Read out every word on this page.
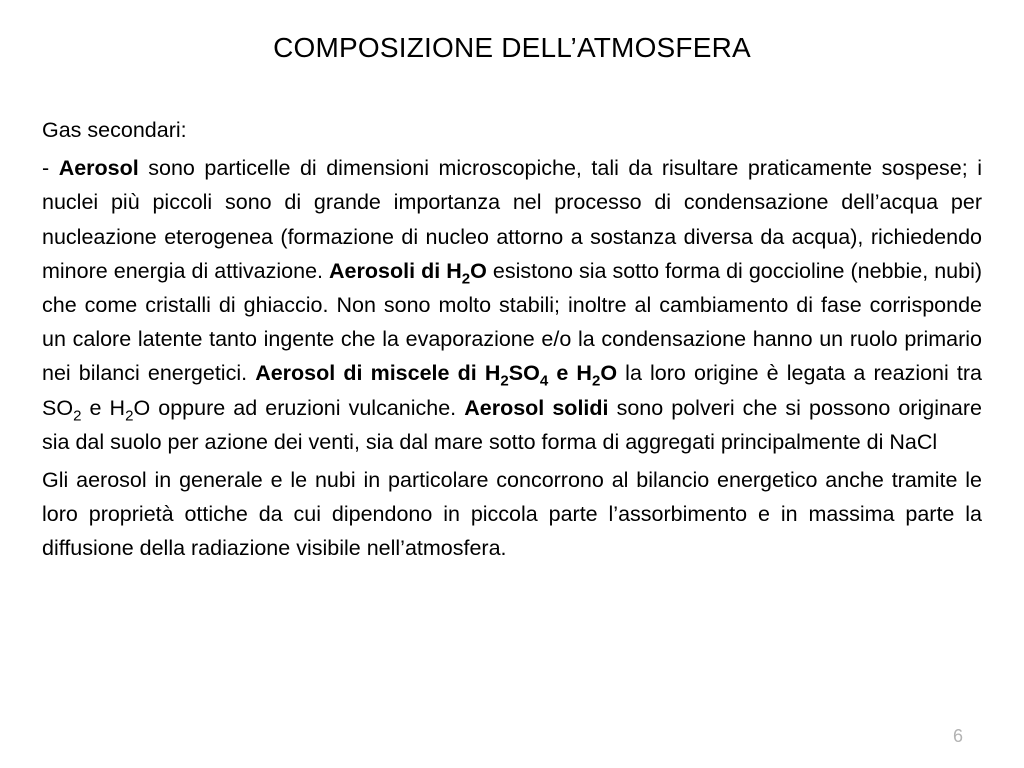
COMPOSIZIONE DELL’ATMOSFERA

Gas secondari:

- Aerosol sono particelle di dimensioni microscopiche, tali da risultare praticamente sospese; i nuclei più piccoli sono di grande importanza nel processo di condensazione dell’acqua per nucleazione eterogenea (formazione di nucleo attorno a sostanza diversa da acqua), richiedendo minore energia di attivazione. Aerosoli di $H_2O$ esistono sia sotto forma di goccioline (nebbie, nubi) che come cristalli di ghiaccio. Non sono molto stabili; inoltre al cambiamento di fase corrisponde un calore latente tanto ingente che la evaporazione e/o la condensazione hanno un ruolo primario nei bilanci energetici. Aerosol di miscele di $H_2SO_4$ e $H_2O$ la loro origine è legata a reazioni tra $SO_2$ e $H_2O$ oppure ad eruzioni vulcaniche. Aerosol solidi sono polveri che si possono originare sia dal suolo per azione dei venti, sia dal mare sotto forma di aggregati principalmente di NaCl

Gli aerosol in generale e le nubi in particolare concorrono al bilancio energetico anche tramite le loro proprietà ottiche da cui dipendono in piccola parte l’assorbimento e in massima parte la diffusione della radiazione visibile nell’atmosfera.

6
